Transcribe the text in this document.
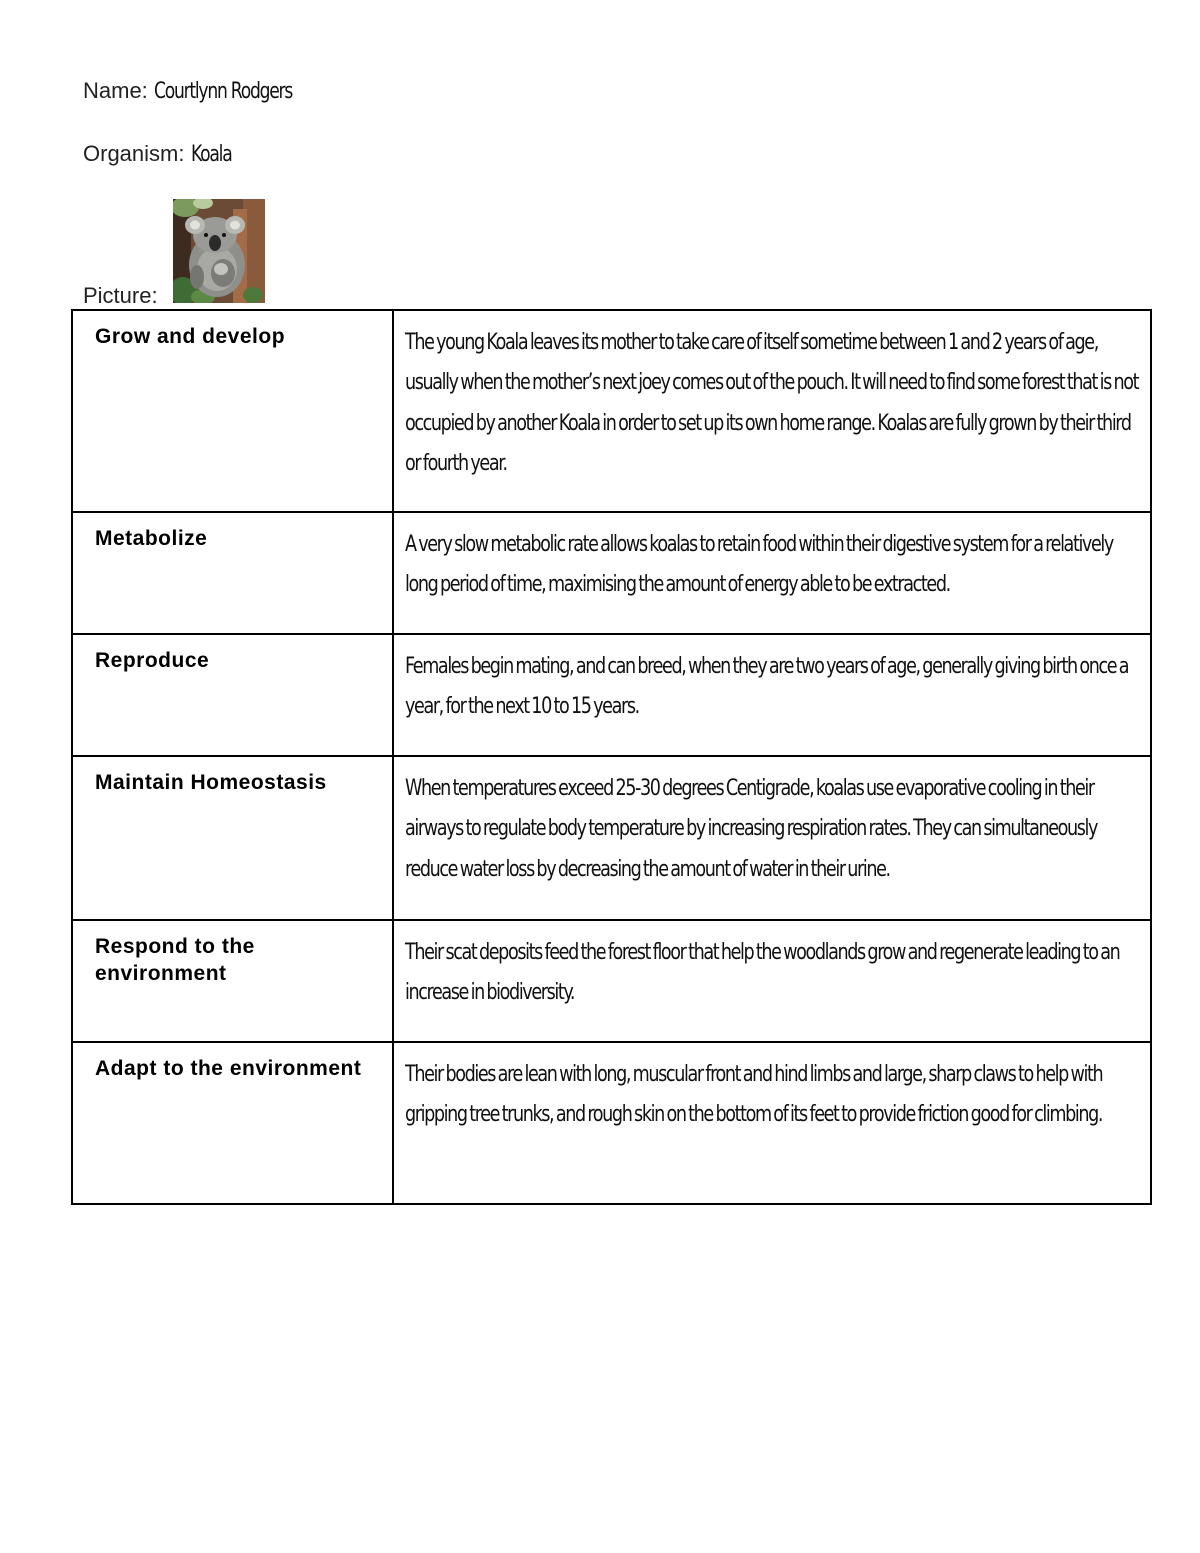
Name: Courtlynn Rodgers
Organism: Koala
Picture:
Grow and develop	The young Koala leaves its mother to take care of itself sometime between 1 and 2 years of age, usually when the mother’s next joey comes out of the pouch. It will need to find some forest that is not occupied by another Koala in order to set up its own home range. Koalas are fully grown by their third or fourth year.

Metabolize	A very slow metabolic rate allows koalas to retain food within their digestive system for a relatively long period of time, maximising the amount of energy able to be extracted.

Reproduce	Females begin mating, and can breed, when they are two years of age, generally giving birth once a year, for the next 10 to 15 years.

Maintain Homeostasis	When temperatures exceed 25-30 degrees Centigrade, koalas use evaporative cooling in their airways to regulate body temperature by increasing respiration rates. They can simultaneously reduce water loss by decreasing the amount of water in their urine.

Respond to the environment	Their scat deposits feed the forest floor that help the woodlands grow and regenerate leading to an increase in biodiversity.

Adapt to the environment	Their bodies are lean with long, muscular front and hind limbs and large, sharp claws to help with gripping tree trunks, and rough skin on the bottom of its feet to provide friction good for climbing.
